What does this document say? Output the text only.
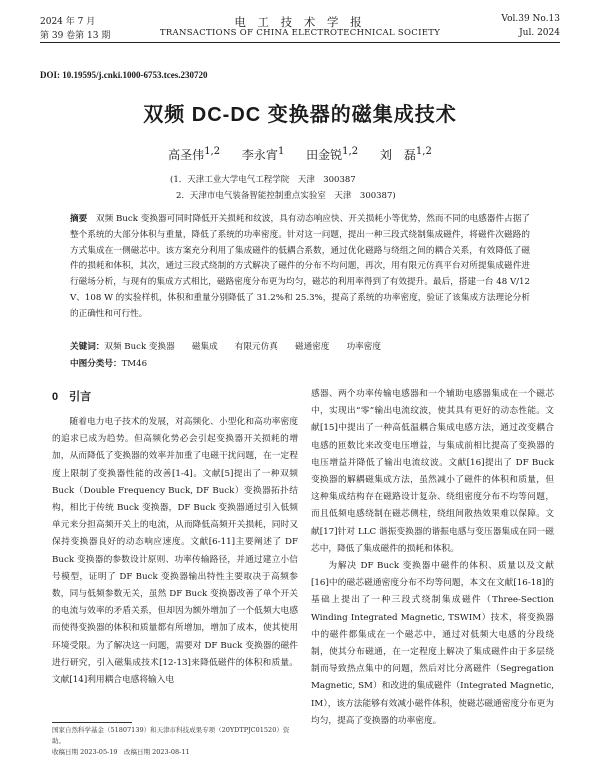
2024 年 7 月
第 39 卷第 13 期
电 工 技 术 学 报
TRANSACTIONS OF CHINA ELECTROTECHNICAL SOCIETY
Vol.39 No.13
Jul. 2024
DOI: 10.19595/j.cnki.1000-6753.tces.230720
双频 DC-DC 变换器的磁集成技术
高圣伟$^{1,2}$ 李永宵$^1$ 田金锐$^{1,2}$ 刘　磊$^{1,2}$
(1．天津工业大学电气工程学院　天津　300387
2．天津市电气装备智能控制重点实验室　天津　300387)
摘要　 双频 Buck 变换器可同时降低开关损耗和纹波，具有动态响应快、开关损耗小等优势，然而不同的电感器件占据了整个系统的大部分体积与重量，降低了系统的功率密度。针对这一问题，提出一种三段式绕制集成磁件，将磁件次磁路的方式集成在一侧磁芯中。该方案充分利用了集成磁件的低耦合系数，通过优化磁路与绕组之间的耦合关系，有效降低了磁件的损耗和体积，其次，通过三段式绕制的方式解决了磁件的分布不均问题，再次，用有限元仿真平台对所提集成磁件进行磁场分析，与现有的集成方式相比，磁路密度分布更为均匀，磁芯的利用率得到了有效提升。最后，搭建一台 48 V/12 V、108 W 的实验样机，体积和重量分别降低了 31.2%和 25.3%，提高了系统的功率密度，验证了该集成方法理论分析的正确性和可行性。
关键词：双频 Buck 变换器　　磁集成　　有限元仿真　　磁通密度　　功率密度
中图分类号：TM46
0　 引言

随着电力电子技术的发展，对高频化、小型化和高功率密度的追求已成为趋势。但高频化势必会引起变换器开关损耗的增加，从而降低了变换器的效率并加重了电磁干扰问题，在一定程度上限制了变换器性能的改善[1-4]。文献[5]提出了一种双频 Buck（Double Frequency Buck, DF Buck）变换器拓扑结构，相比于传统 Buck 变换器，DF Buck 变换器通过引入低频单元来分担高频开关上的电流，从而降低高频开关损耗，同时又保持变换器良好的动态响应速度。文献[6-11]主要阐述了 DF Buck 变换器的参数设计原则、功率传输路径，并通过建立小信号模型，证明了 DF Buck 变换器输出特性主要取决于高频参数，同与低频参数无关，虽然 DF Buck 变换器改善了单个开关的电流与效率的矛盾关系，但却因为额外增加了一个低频大电感而使得变换器的体积和质量都有所增加，增加了成本，使其使用环境受限。为了解决这一问题，需要对 DF Buck 变换器的磁件进行研究，引入磁集成技术[12-13]来降低磁件的体积和质量。文献[14]利用耦合电感将输入电

感器、两个功率传输电感器和一个辅助电感器集成在一个磁芯中，实现出“零”输出电流纹波，使其具有更好的动态性能。文献[15]中提出了一种高低温耦合集成电感方法，通过改变耦合电感的匝数比来改变电压增益，与集成前相比提高了变换器的电压增益并降低了输出电流纹波。文献[16]提出了 DF Buck 变换器的解耦磁集成方法，虽然减小了磁件的体积和质量，但这种集成结构存在磁路设计复杂、绕组密度分布不均等问题，而且低频电感绕制在磁芯侧柱，绕组间散热效果难以保障。文献[17]针对 LLC 谐振变换器的谐振电感与变压器集成在同一磁芯中，降低了集成磁件的损耗和体积。

为解决 DF Buck 变换器中磁件的体积、质量以及文献[16]中的磁芯磁通密度分布不均等问题，本文在文献[16-18]的基础上提出了一种三段式绕制集成磁件（Three-Section Winding Integrated Magnetic, TSWIM）技术，将变换器中的磁件都集成在一个磁芯中，通过对低频大电感的分段绕制，使其分布磁通，在一定程度上解决了集成磁件由于多层绕制而导致热点集中的问题，然后对比分离磁件（Segregation Magnetic, SM）和改进的集成磁件（Integrated Magnetic, IM），该方法能够有效减小磁件体积，使磁芯磁通密度分布更为均匀，提高了变换器的功率密度。

国家自然科学基金（51807139）和天津市科技成果专项（20YDTPJC01520）资助。
收稿日期 2023-05-19　改稿日期 2023-08-11
